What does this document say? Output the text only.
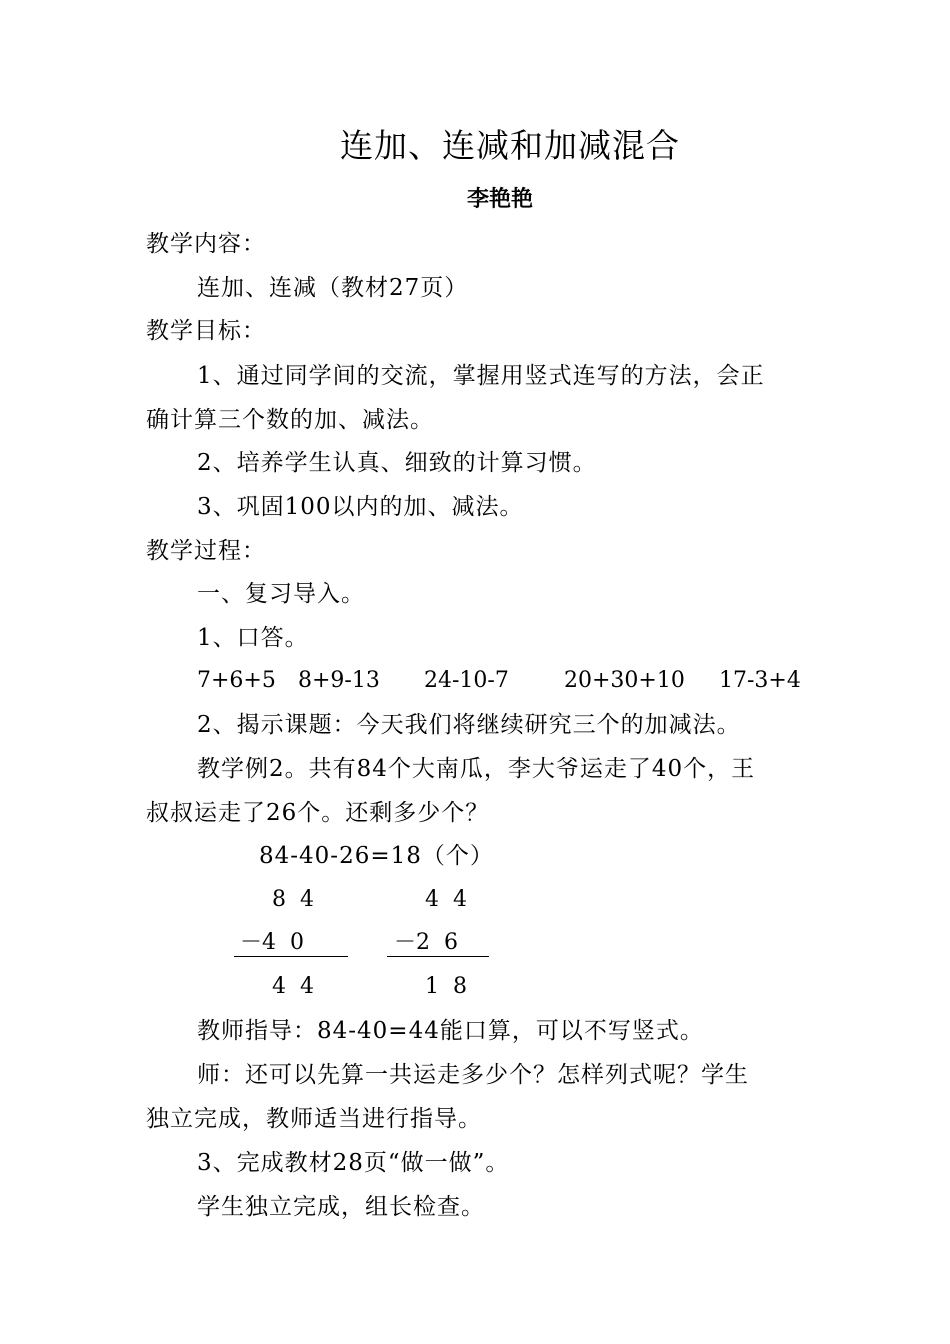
连加、连减和加减混合
李艳艳
教学内容：
连加、连减（教材27页）
教学目标：
1、通过同学间的交流，掌握用竖式连写的方法，会正
确计算三个数的加、减法。
2、培养学生认真、细致的计算习惯。
3、巩固100以内的加、减法。
教学过程：
一、复习导入。
1、口答。
7+6+5 8+9-13 24-10-7	20+30+10 17-3+4
2、揭示课题：今天我们将继续研究三个的加减法。
教学例2。共有84个大南瓜，李大爷运走了40个，王
叔叔运走了26个。还剩多少个？
84-40-26=18（个）
8  4
－4  0
4  4
4  4
－2  6
1  8
教师指导：84-40=44能口算，可以不写竖式。
师：还可以先算一共运走多少个？怎样列式呢？学生
独立完成，教师适当进行指导。
3、完成教材28页“做一做”。
学生独立完成，组长检查。
